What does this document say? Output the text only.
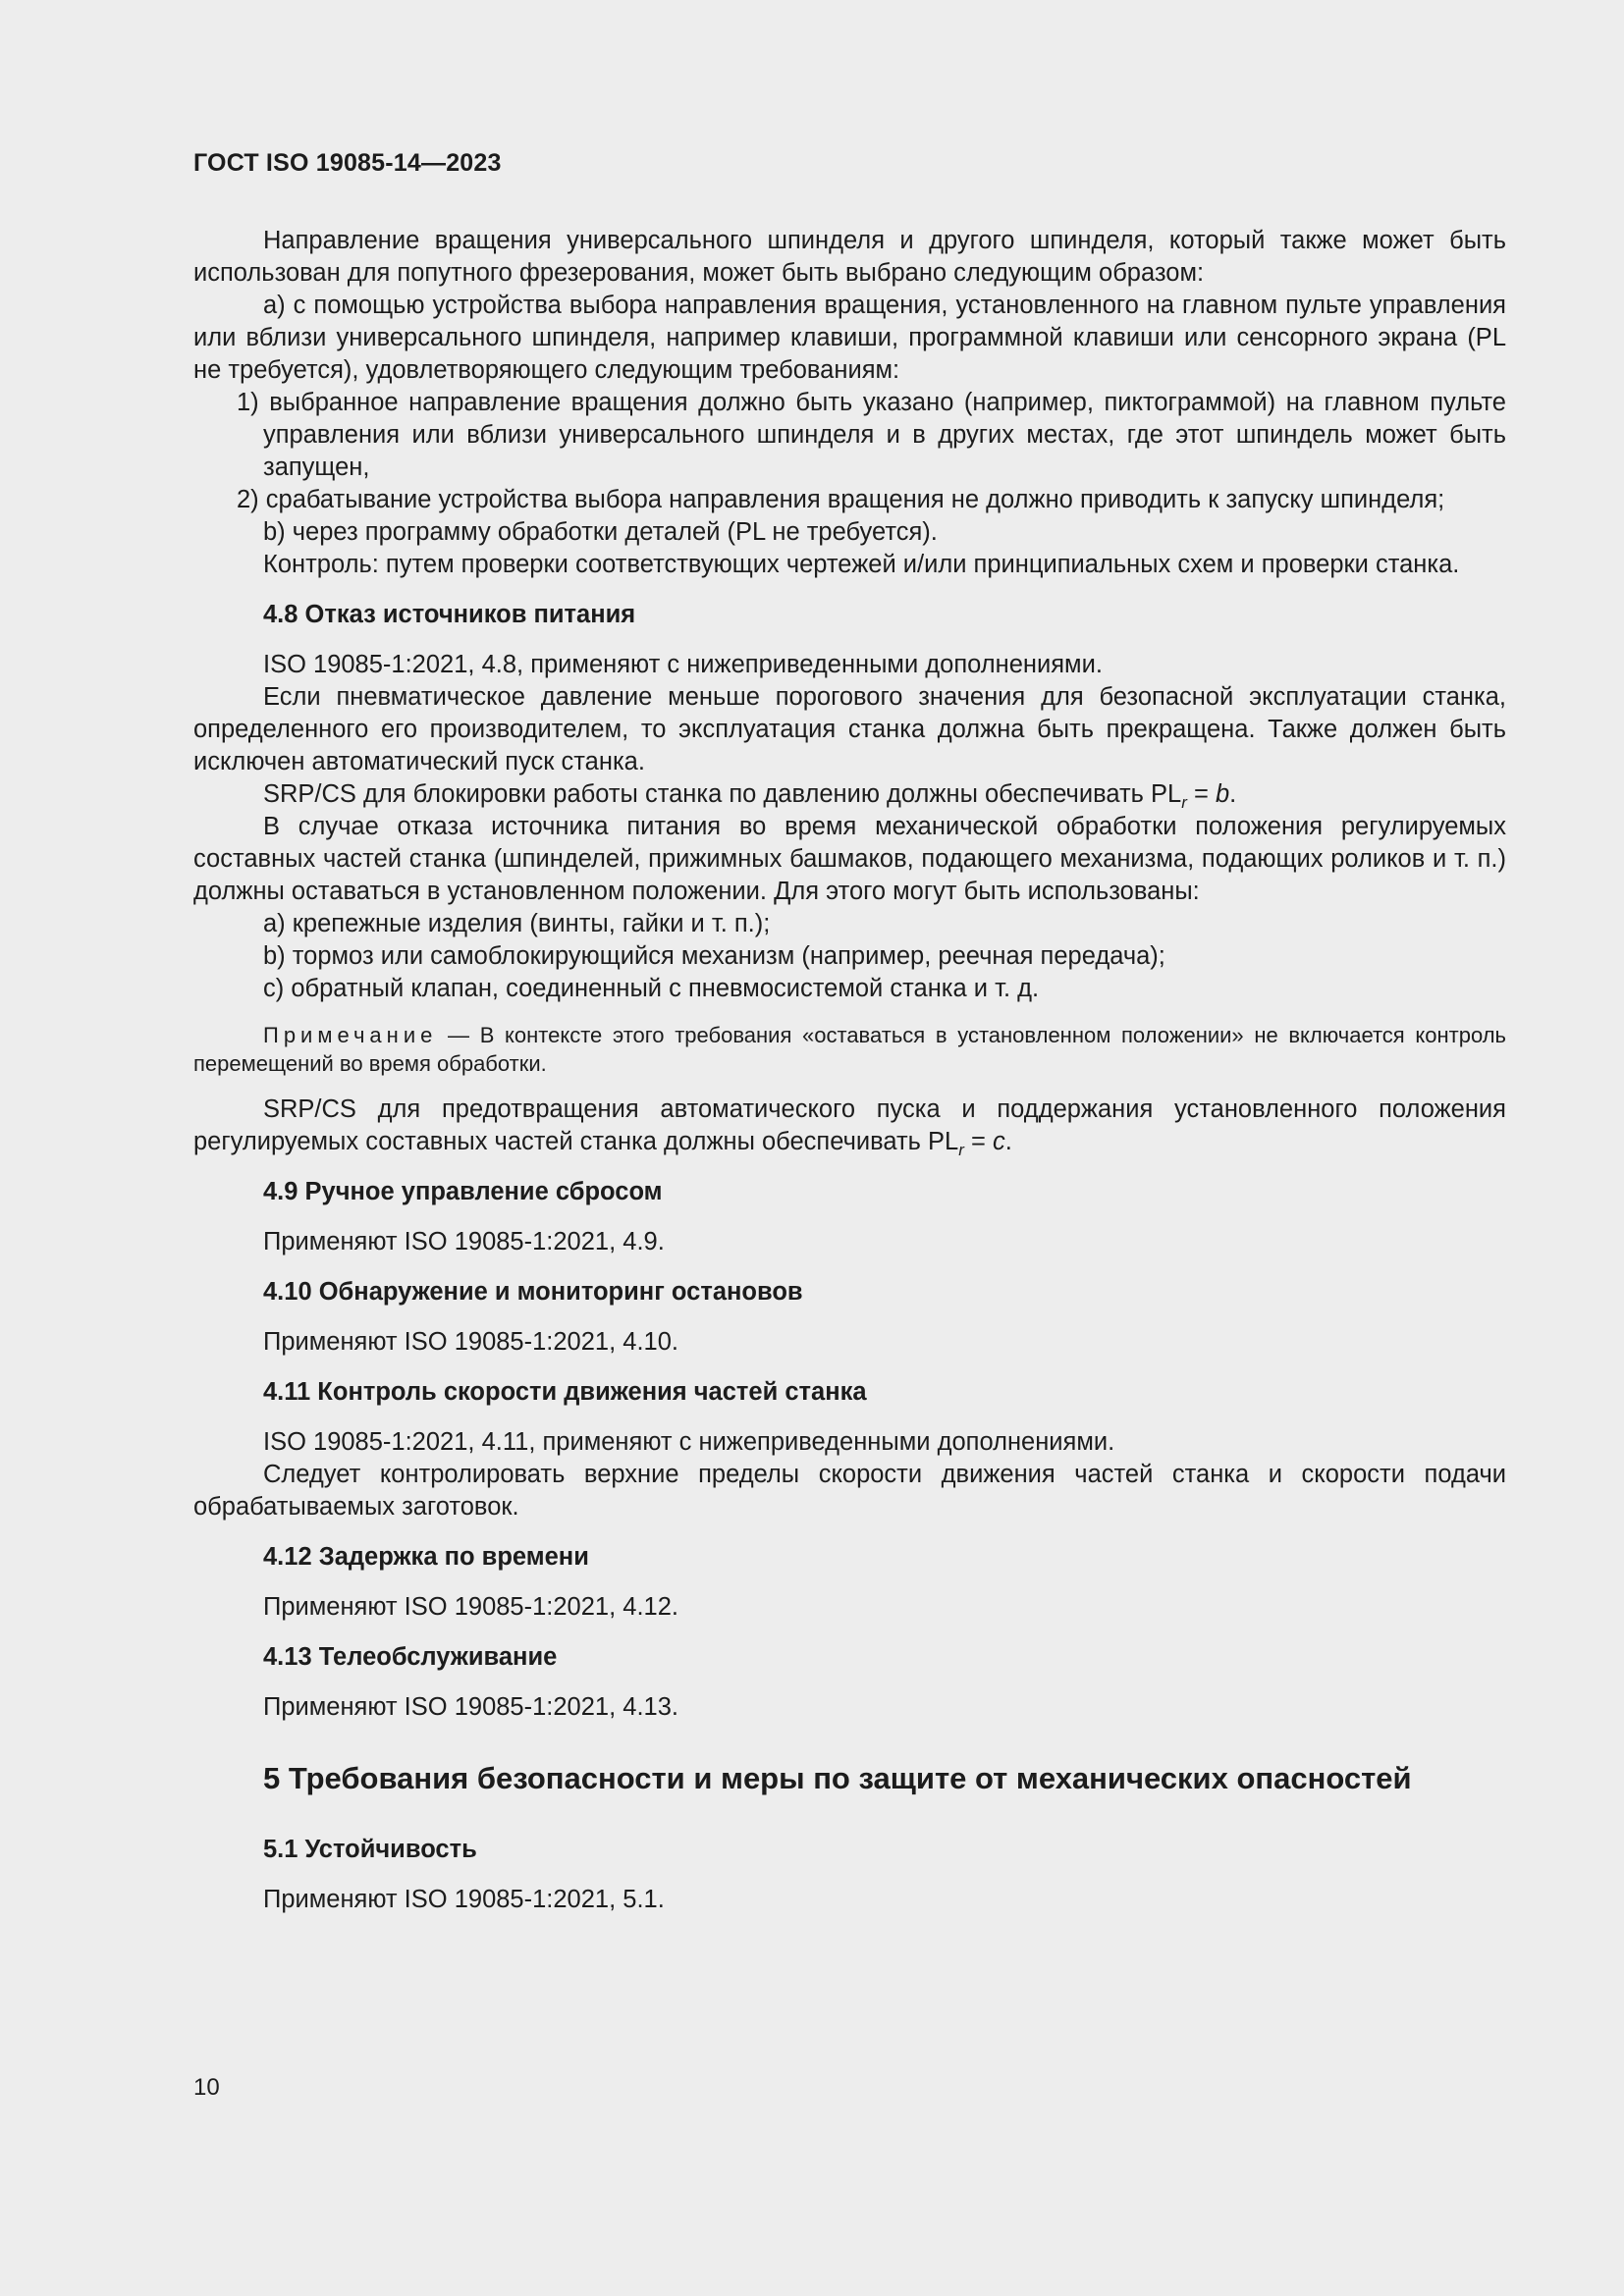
ГОСТ ISO 19085-14—2023

Направление вращения универсального шпинделя и другого шпинделя, который также может быть использован для попутного фрезерования, может быть выбрано следующим образом:

a) с помощью устройства выбора направления вращения, установленного на главном пульте управления или вблизи универсального шпинделя, например клавиши, программной клавиши или сенсорного экрана (PL не требуется), удовлетворяющего следующим требованиям:

1) выбранное направление вращения должно быть указано (например, пиктограммой) на главном пульте управления или вблизи универсального шпинделя и в других местах, где этот шпиндель может быть запущен,

2) срабатывание устройства выбора направления вращения не должно приводить к запуску шпинделя;

b) через программу обработки деталей (PL не требуется).

Контроль: путем проверки соответствующих чертежей и/или принципиальных схем и проверки станка.

4.8 Отказ источников питания

ISO 19085-1:2021, 4.8, применяют с нижеприведенными дополнениями.

Если пневматическое давление меньше порогового значения для безопасной эксплуатации станка, определенного его производителем, то эксплуатация станка должна быть прекращена. Также должен быть исключен автоматический пуск станка.

SRP/CS для блокировки работы станка по давлению должны обеспечивать $PL_r = b$.

В случае отказа источника питания во время механической обработки положения регулируемых составных частей станка (шпинделей, прижимных башмаков, подающего механизма, подающих роликов и т. п.) должны оставаться в установленном положении. Для этого могут быть использованы:

a) крепежные изделия (винты, гайки и т. п.);

b) тормоз или самоблокирующийся механизм (например, реечная передача);

c) обратный клапан, соединенный с пневмосистемой станка и т. д.

Примечание — В контексте этого требования «оставаться в установленном положении» не включается контроль перемещений во время обработки.

SRP/CS для предотвращения автоматического пуска и поддержания установленного положения регулируемых составных частей станка должны обеспечивать $PL_r = c$.

4.9 Ручное управление сбросом

Применяют ISO 19085-1:2021, 4.9.

4.10 Обнаружение и мониторинг остановов

Применяют ISO 19085-1:2021, 4.10.

4.11 Контроль скорости движения частей станка

ISO 19085-1:2021, 4.11, применяют с нижеприведенными дополнениями.

Следует контролировать верхние пределы скорости движения частей станка и скорости подачи обрабатываемых заготовок.

4.12 Задержка по времени

Применяют ISO 19085-1:2021, 4.12.

4.13 Телеобслуживание

Применяют ISO 19085-1:2021, 4.13.

5 Требования безопасности и меры по защите от механических опасностей
5.1 Устойчивость

Применяют ISO 19085-1:2021, 5.1.

10
